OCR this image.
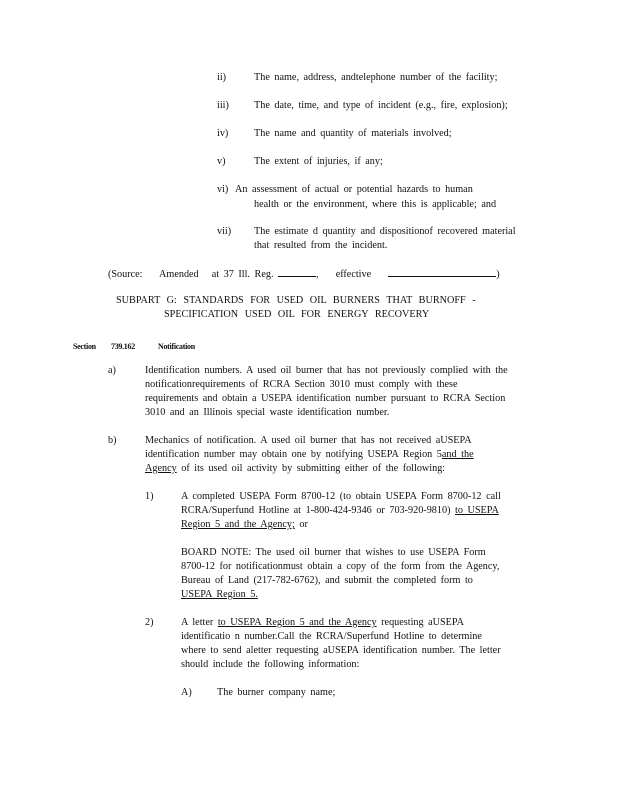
ii)	The name, address, andtelephone number of the facility;
iii) The date, time, and type of incident (e.g., fire, explosion);
iv)	The name and quantity of materials involved;
v)	The extent of injuries, if any;
vi) An assessment of actual or potential hazards to human
health or the environment, where this is applicable; and
vii) The estimate d quantity and dispositionof recovered material
that resulted from the incident.
(Source: Amended at 37 Ill. Reg.	, effective	)
SUBPART G: STANDARDS FOR USED OIL BURNERS THAT BURNOFF -
SPECIFICATION USED OIL FOR ENERGY RECOVERY
Section 739.162	Notification
a)	Identification numbers. A used oil burner that has not previously complied with the
notificationrequirements of RCRA Section 3010 must comply with these
requirements and obtain a USEPA identification number pursuant to RCRA Section
3010 and an Illinois special waste identification number.
b)	Mechanics of notification. A used oil burner that has not received aUSEPA
identification number may obtain one by notifying USEPA Region 5and the
Agency of its used oil activity by submitting either of the following:
1)	A completed USEPA Form 8700-12 (to obtain USEPA Form 8700-12 call
RCRA/Superfund Hotline at 1-800-424-9346 or 703-920-9810) to USEPA
Region 5 and the Agency; or
BOARD NOTE: The used oil burner that wishes to use USEPA Form
8700-12 for notificationmust obtain a copy of the form from the Agency,
Bureau of Land (217-782-6762), and submit the completed form to
USEPA Region 5.
2)	A letter to USEPA Region 5 and the Agency requesting aUSEPA
identificatio n number.Call the RCRA/Superfund Hotline to determine
where to send aletter requesting aUSEPA identification number. The letter
should include the following information:
A) The burner company name;
